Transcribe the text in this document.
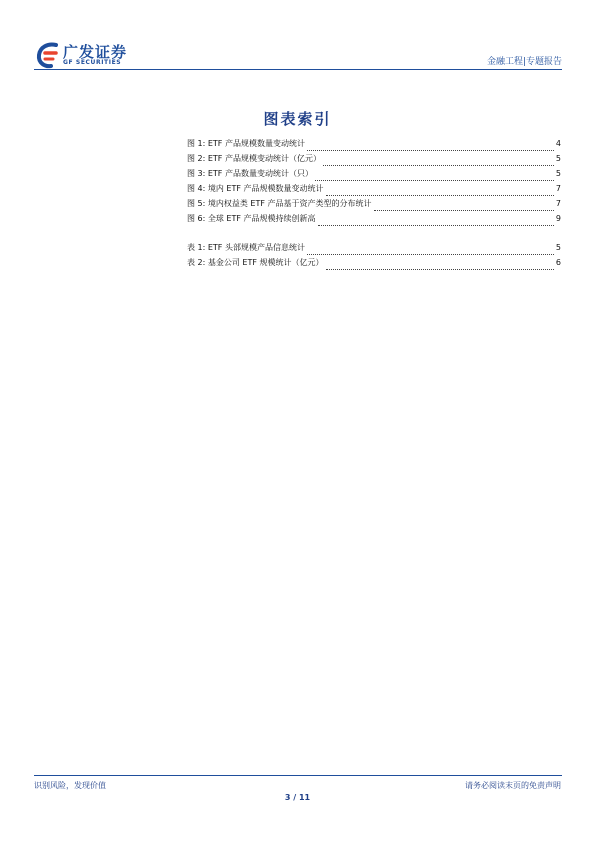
广发证券
GF SECURITIES	金融工程|专题报告
图表索引
图 1: ETF 产品规模数量变动统计	4
图 2: ETF 产品规模变动统计（亿元）	5
图 3: ETF 产品数量变动统计（只）	5
图 4: 境内 ETF 产品规模数量变动统计	7
图 5: 境内权益类 ETF 产品基于资产类型的分布统计	7
图 6: 全球 ETF 产品规模持续创新高	9
表 1: ETF 头部规模产品信息统计	5
表 2: 基金公司 ETF 规模统计（亿元）	6
识别风险，发现价值	请务必阅读末页的免责声明
3 / 11
